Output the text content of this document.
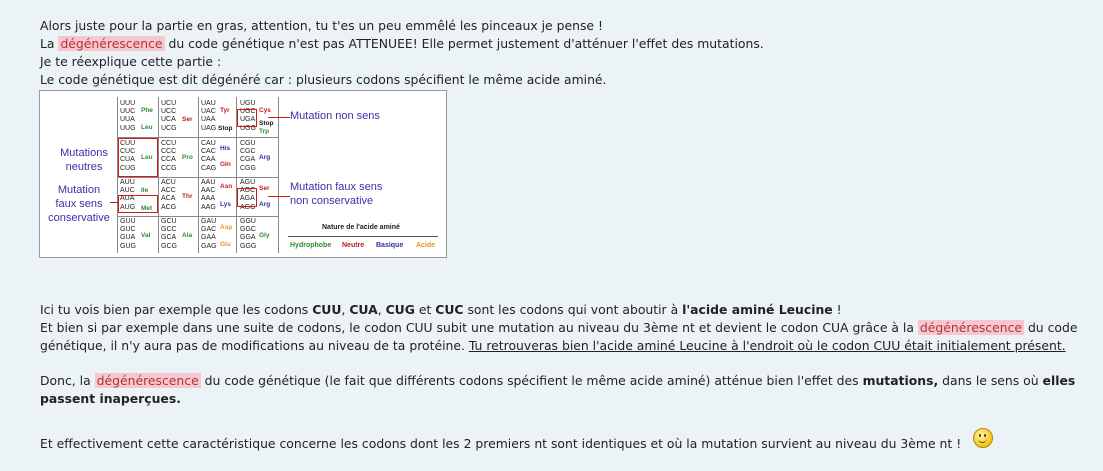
Alors juste pour la partie en gras, attention, tu t'es un peu emmêlé les pinceaux je pense !

La dégénérescence du code génétique n'est pas ATTENUEE! Elle permet justement d'atténuer l'effet des mutations.

Je te réexplique cette partie :

Le code génétique est dit dégénéré car : plusieurs codons spécifient le même acide aminé.

Ici tu vois bien par exemple que les codons CUU, CUA, CUG et CUC sont les codons qui vont aboutir à l'acide aminé Leucine !

Et bien si par exemple dans une suite de codons, le codon CUU subit une mutation au niveau du 3ème nt et devient le codon CUA grâce à la dégénérescence du code génétique, il n'y aura pas de modifications au niveau de ta protéine. Tu retrouveras bien l'acide aminé Leucine à l'endroit où le codon CUU était initialement présent.

Donc, la dégénérescence du code génétique (le fait que différents codons spécifient le même acide aminé) atténue bien l'effet des mutations, dans le sens où elles passent inaperçues.

Et effectivement cette caractéristique concerne les codons dont les 2 premiers nt sont identiques et où la mutation survient au niveau du 3ème nt !

UUU
UUC
UUA
UUG
CUU
CUC
CUA
CUG
AUU
AUC
AUA
AUG
GUU
GUC
GUA
GUG
UCU
UCC
UCA
UCG
CCU
CCC
CCA
CCG
ACU
ACC
ACA
ACG
GCU
GCC
GCA
GCG
UAU
UAC
UAA
UAG
CAU
CAC
CAA
CAG
AAU
AAC
AAA
AAG
GAU
GAC
GAA
GAG
UGU
UGC
UGA
UGG
CGU
CGC
CGA
CGG
AGU
AGC
AGA
AGG
GGU
GGC
GGA
GGG
Phe
Leu
Ser
Tyr
Stop
Cys
Stop
Trp
Leu	Pro
His
Gln
Arg
Ile
Met
Thr
Asn
Lys
Ser
Arg
Val	Ala
Asp
Glu
Gly
Mutations
neutres
Mutation
faux sens
conservative
Mutation non sens
Mutation faux sens
non conservative
Nature de l'acide aminé
Hydrophobe Neutre Basique Acide
